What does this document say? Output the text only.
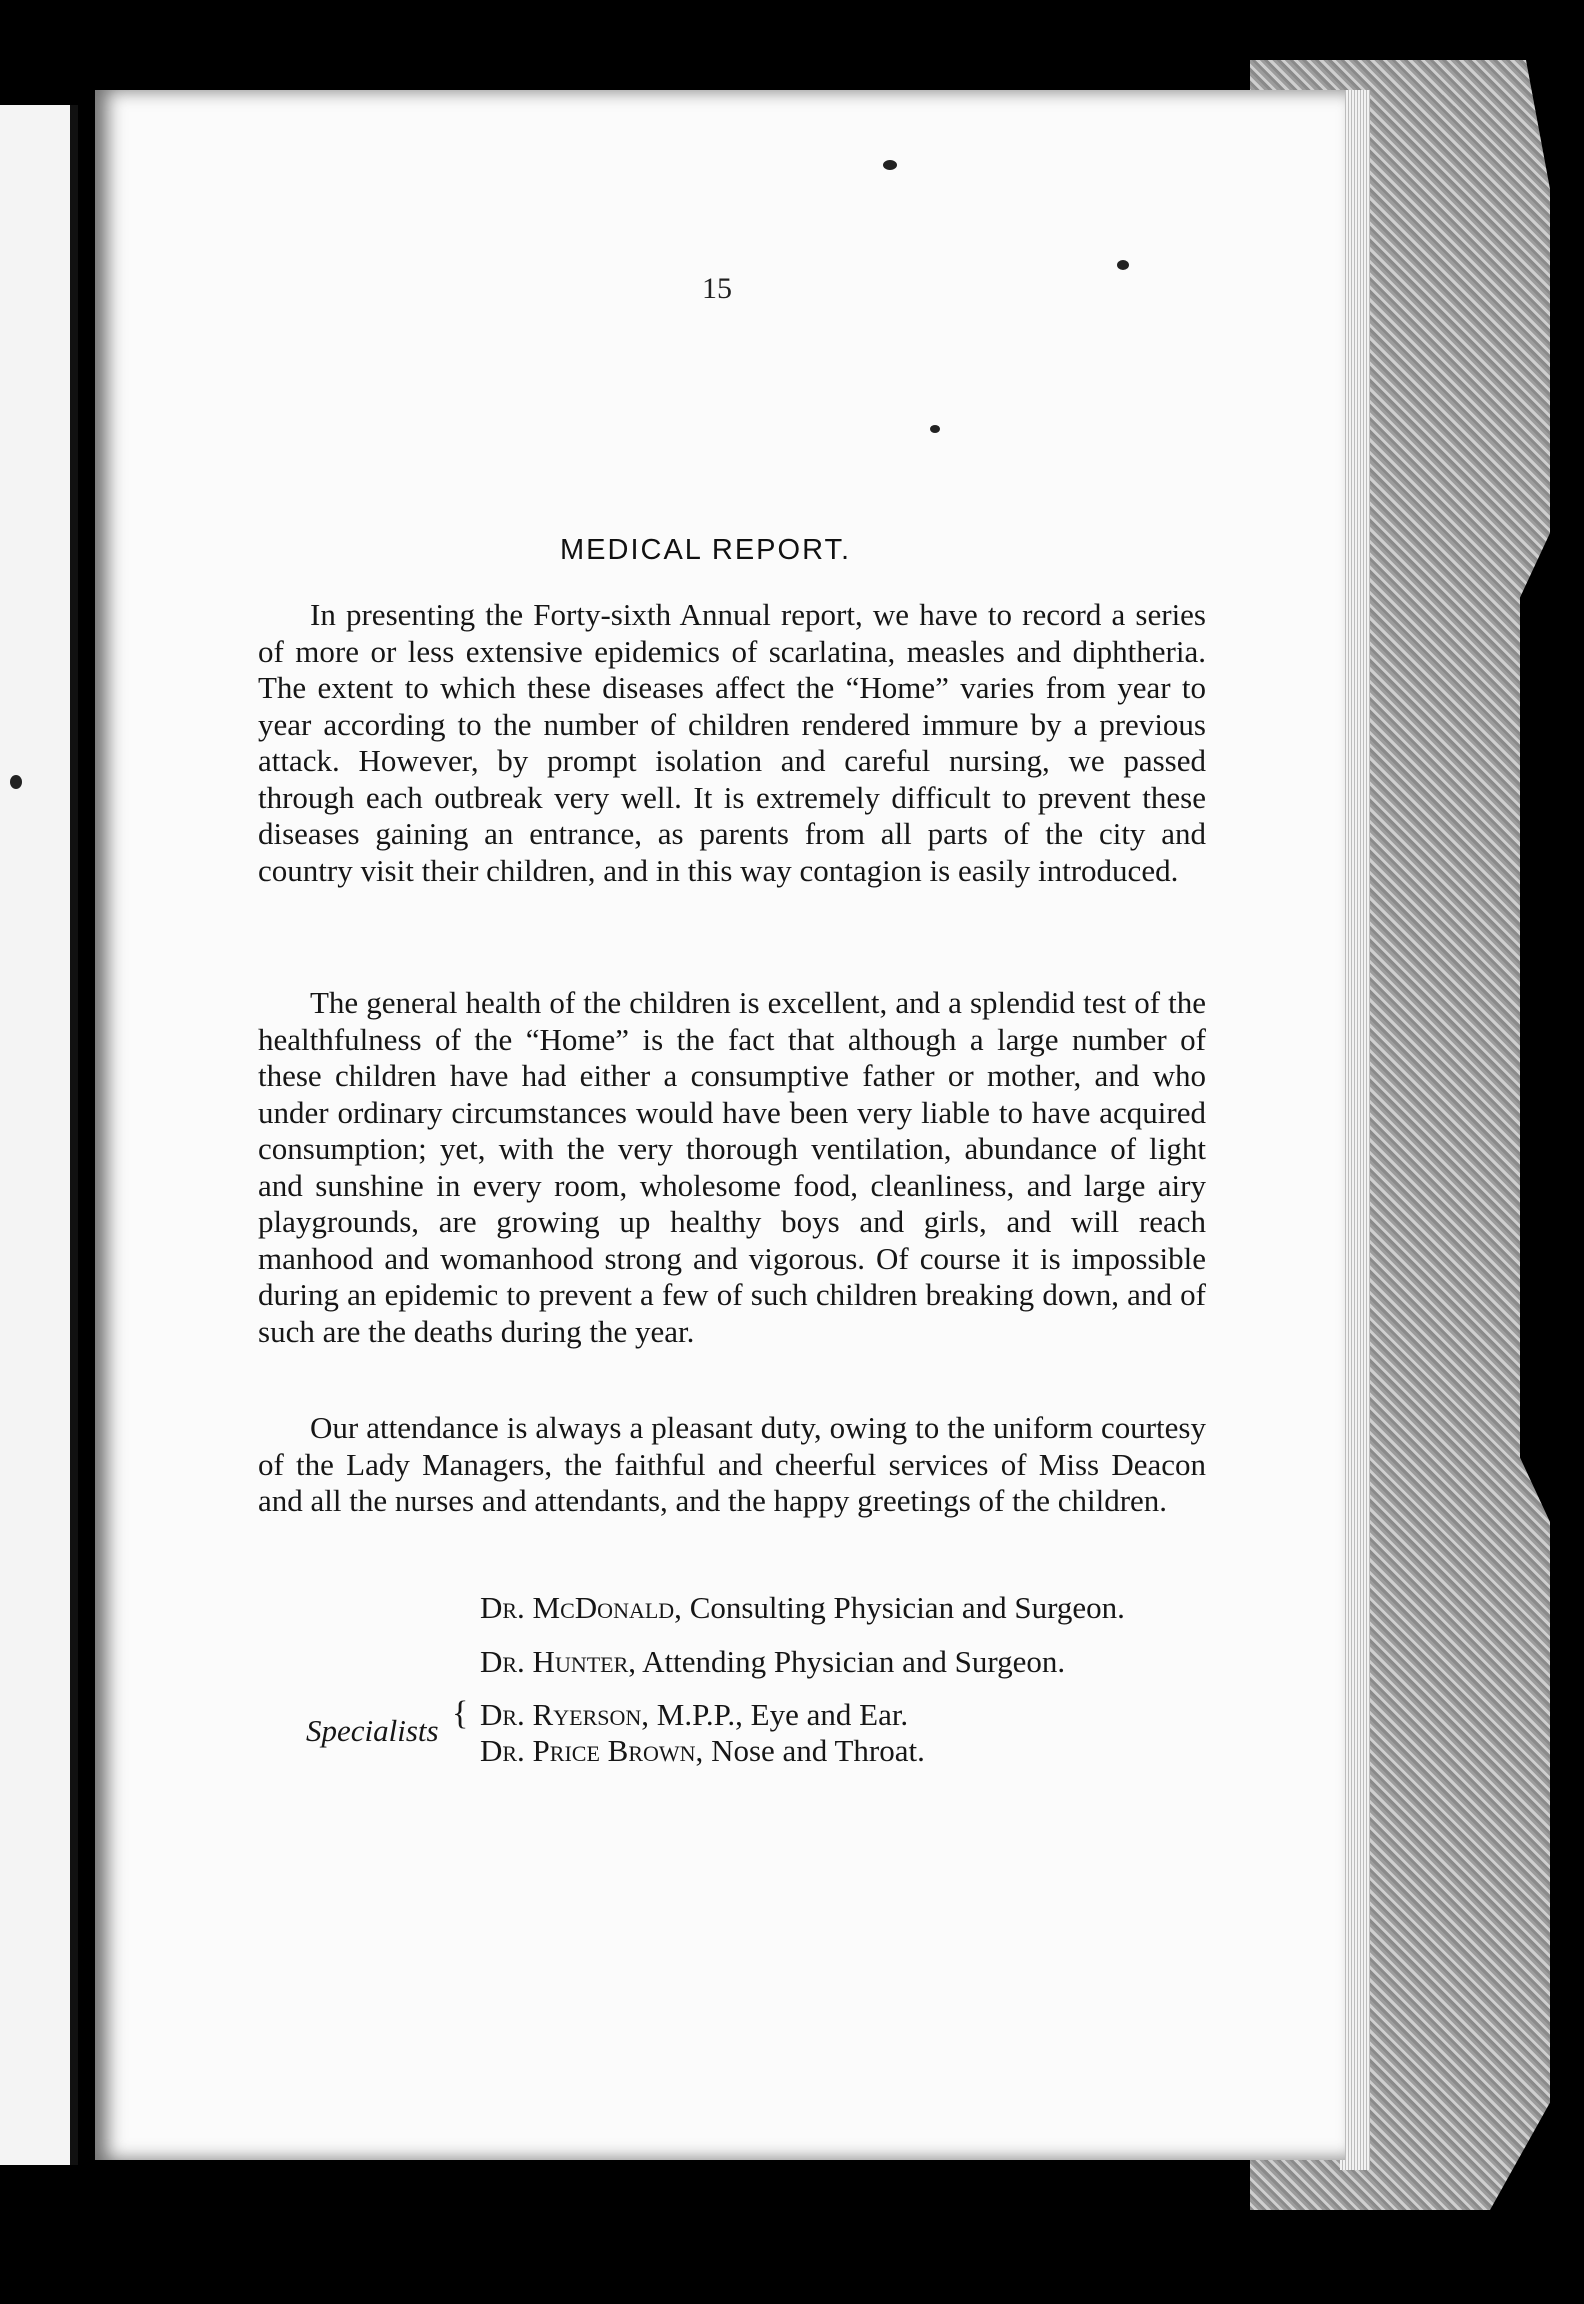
15
MEDICAL REPORT.

In presenting the Forty-sixth Annual report, we have to record a series of more or less extensive epidemics of scarlatina, measles and diphtheria. The extent to which these diseases affect the “Home” varies from year to year according to the number of children rendered immure by a previous attack. However, by prompt isolation and careful nursing, we passed through each outbreak very well. It is extremely difficult to prevent these diseases gaining an entrance, as parents from all parts of the city and country visit their children, and in this way contagion is easily introduced.

The general health of the children is excellent, and a splendid test of the healthfulness of the “Home” is the fact that although a large number of these children have had either a consumptive father or mother, and who under ordinary circumstances would have been very liable to have acquired consumption; yet, with the very thorough ventilation, abundance of light and sunshine in every room, wholesome food, cleanliness, and large airy playgrounds, are growing up healthy boys and girls, and will reach manhood and womanhood strong and vigorous. Of course it is impossible during an epidemic to prevent a few of such children breaking down, and of such are the deaths during the year.

Our attendance is always a pleasant duty, owing to the uniform courtesy of the Lady Managers, the faithful and cheerful services of Miss Deacon and all the nurses and attendants, and the happy greetings of the children.

Dr. McDonald, Consulting Physician and Surgeon.
Dr. Hunter, Attending Physician and Surgeon.
Specialists { Dr. Ryerson, M.P.P., Eye and Ear.
Dr. Price Brown, Nose and Throat.
